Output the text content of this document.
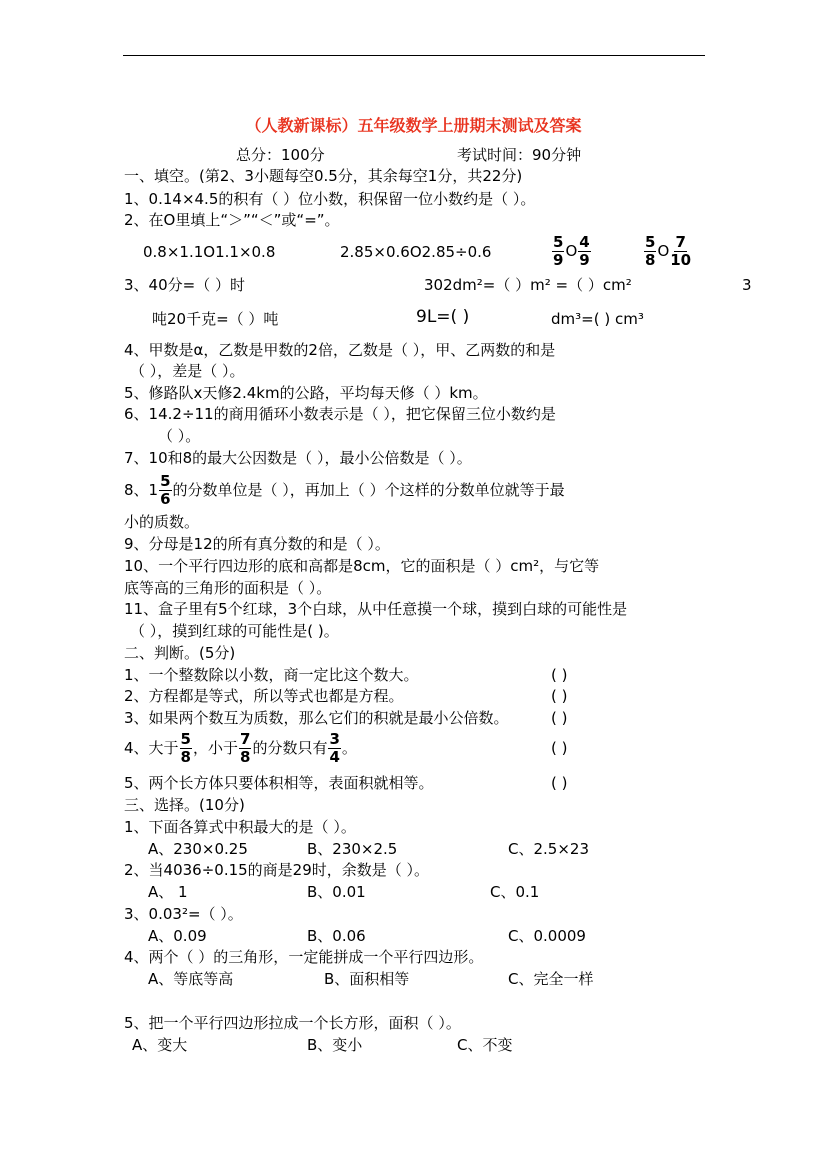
（人教新课标）五年级数学上册期末测试及答案
总分：100分	考试时间：90分钟
一、填空。(第2、3小题每空0.5分，其余每空1分，共22分)
1、0.14×4.5的积有（ ）位小数，积保留一位小数约是（ ）。
2、在O里填上“＞”“＜”或“=”。
0.8×1.1O1.1×0.8	2.85×0.6O2.85÷0.6	$\frac{5}{9}$ O $\frac{4}{9}$	$\frac{5}{8}$ O $\frac{7}{10}$
3、40分=（ ）时	302dm²=（ ）m² =（ ）cm²	3
吨20千克=（ ）吨	9L=( )	dm³=( ) cm³
4、甲数是α，乙数是甲数的2倍，乙数是（ ），甲、乙两数的和是
（ ），差是（ ）。
5、修路队x天修2.4km的公路，平均每天修（ ）km。
6、14.2÷11的商用循环小数表示是（ ），把它保留三位小数约是
（ ）。
7、10和8的最大公因数是（ ），最小公倍数是（ ）。
8、$1 \frac{5}{6}$ 的分数单位是（ ），再加上（ ）个这样的分数单位就等于最
小的质数。
9、分母是12的所有真分数的和是（ ）。
10、一个平行四边形的底和高都是8cm，它的面积是（ ）cm²，与它等
底等高的三角形的面积是（ ）。
11、盒子里有5个红球，3个白球，从中任意摸一个球，摸到白球的可能性是
（ ），摸到红球的可能性是( )。
二、判断。(5分)
1、一个整数除以小数，商一定比这个数大。	( )
2、方程都是等式，所以等式也都是方程。	( )
3、如果两个数互为质数，那么它们的积就是最小公倍数。	( )
4、大于 $\frac{5}{8}$ ，小于 $\frac{7}{8}$ 的分数只有 $\frac{3}{4}$ 。	( )
5、两个长方体只要体积相等，表面积就相等。	( )
三、选择。(10分)
1、下面各算式中积最大的是（ ）。
A、230×0.25	B、230×2.5	C、2.5×23
2、当4036÷0.15的商是29时，余数是（ ）。
A、 1	B、0.01	C、0.1
3、0.03²=（ ）。
A、0.09	B、0.06	C、0.0009
4、两个（ ）的三角形，一定能拼成一个平行四边形。
A、等底等高	B、面积相等	C、完全一样
5、把一个平行四边形拉成一个长方形，面积（ ）。
A、变大	B、变小	C、不变
